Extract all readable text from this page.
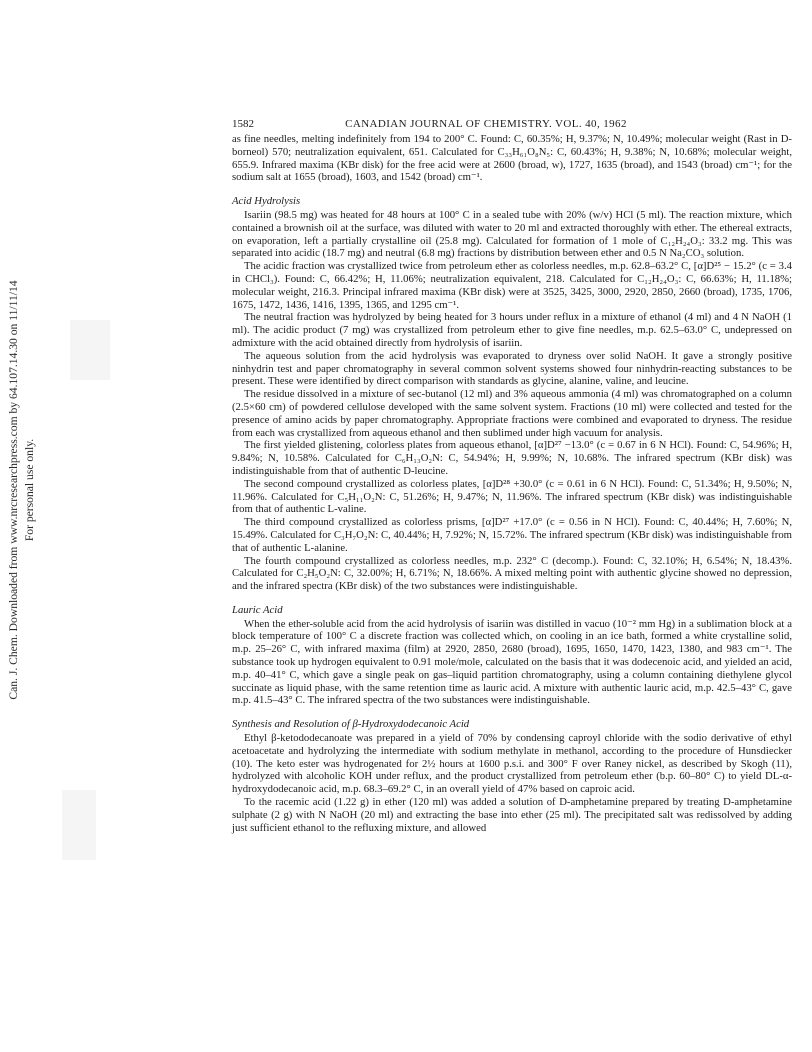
Can. J. Chem. Downloaded from www.nrcresearchpress.com by 64.107.14.30 on 11/11/14 For personal use only.
1582	CANADIAN JOURNAL OF CHEMISTRY. VOL. 40, 1962

as fine needles, melting indefinitely from 194 to 200° C. Found: C, 60.35%; H, 9.37%; N, 10.49%; molecular weight (Rast in D-borneol) 570; neutralization equivalent, 651. Calculated for C₃₃H₆₁O₈N₅: C, 60.43%; H, 9.38%; N, 10.68%; molecular weight, 655.9. Infrared maxima (KBr disk) for the free acid were at 2600 (broad, w), 1727, 1635 (broad), and 1543 (broad) cm⁻¹; for the sodium salt at 1655 (broad), 1603, and 1542 (broad) cm⁻¹.

Acid Hydrolysis

Isariin (98.5 mg) was heated for 48 hours at 100° C in a sealed tube with 20% (w/v) HCl (5 ml). The reaction mixture, which contained a brownish oil at the surface, was diluted with water to 20 ml and extracted thoroughly with ether. The ethereal extracts, on evaporation, left a partially crystalline oil (25.8 mg). Calculated for formation of 1 mole of C₁₂H₂₄O₃: 33.2 mg. This was separated into acidic (18.7 mg) and neutral (6.8 mg) fractions by distribution between ether and 0.5 N Na₂CO₃ solution.

The acidic fraction was crystallized twice from petroleum ether as colorless needles, m.p. 62.8–63.2° C, [α]D²⁵ − 15.2° (c = 3.4 in CHCl₃). Found: C, 66.42%; H, 11.06%; neutralization equivalent, 218. Calculated for C₁₂H₂₄O₃: C, 66.63%; H, 11.18%; molecular weight, 216.3. Principal infrared maxima (KBr disk) were at 3525, 3425, 3000, 2920, 2850, 2660 (broad), 1735, 1706, 1675, 1472, 1436, 1416, 1395, 1365, and 1295 cm⁻¹.

The neutral fraction was hydrolyzed by being heated for 3 hours under reflux in a mixture of ethanol (4 ml) and 4 N NaOH (1 ml). The acidic product (7 mg) was crystallized from petroleum ether to give fine needles, m.p. 62.5–63.0° C, undepressed on admixture with the acid obtained directly from hydrolysis of isariin.

The aqueous solution from the acid hydrolysis was evaporated to dryness over solid NaOH. It gave a strongly positive ninhydrin test and paper chromatography in several common solvent systems showed four ninhydrin-reacting substances to be present. These were identified by direct comparison with standards as glycine, alanine, valine, and leucine.

The residue dissolved in a mixture of sec-butanol (12 ml) and 3% aqueous ammonia (4 ml) was chromatographed on a column (2.5×60 cm) of powdered cellulose developed with the same solvent system. Fractions (10 ml) were collected and tested for the presence of amino acids by paper chromatography. Appropriate fractions were combined and evaporated to dryness. The residue from each was crystallized from aqueous ethanol and then sublimed under high vacuum for analysis.

The first yielded glistening, colorless plates from aqueous ethanol, [α]D²⁷ −13.0° (c = 0.67 in 6 N HCl). Found: C, 54.96%; H, 9.84%; N, 10.58%. Calculated for C₆H₁₃O₂N: C, 54.94%; H, 9.99%; N, 10.68%. The infrared spectrum (KBr disk) was indistinguishable from that of authentic D-leucine.

The second compound crystallized as colorless plates, [α]D²⁸ +30.0° (c = 0.61 in 6 N HCl). Found: C, 51.34%; H, 9.50%; N, 11.96%. Calculated for C₅H₁₁O₂N: C, 51.26%; H, 9.47%; N, 11.96%. The infrared spectrum (KBr disk) was indistinguishable from that of authentic L-valine.

The third compound crystallized as colorless prisms, [α]D²⁷ +17.0° (c = 0.56 in N HCl). Found: C, 40.44%; H, 7.60%; N, 15.49%. Calculated for C₃H₇O₂N: C, 40.44%; H, 7.92%; N, 15.72%. The infrared spectrum (KBr disk) was indistinguishable from that of authentic L-alanine.

The fourth compound crystallized as colorless needles, m.p. 232° C (decomp.). Found: C, 32.10%; H, 6.54%; N, 18.43%. Calculated for C₂H₅O₂N: C, 32.00%; H, 6.71%; N, 18.66%. A mixed melting point with authentic glycine showed no depression, and the infrared spectra (KBr disk) of the two substances were indistinguishable.

Lauric Acid

When the ether-soluble acid from the acid hydrolysis of isariin was distilled in vacuo (10⁻² mm Hg) in a sublimation block at a block temperature of 100° C a discrete fraction was collected which, on cooling in an ice bath, formed a white crystalline solid, m.p. 25–26° C, with infrared maxima (film) at 2920, 2850, 2680 (broad), 1695, 1650, 1470, 1423, 1380, and 983 cm⁻¹. The substance took up hydrogen equivalent to 0.91 mole/mole, calculated on the basis that it was dodecenoic acid, and yielded an acid, m.p. 40–41° C, which gave a single peak on gas–liquid partition chromatography, using a column containing diethylene glycol succinate as liquid phase, with the same retention time as lauric acid. A mixture with authentic lauric acid, m.p. 42.5–43° C, gave m.p. 41.5–43° C. The infrared spectra of the two substances were indistinguishable.

Synthesis and Resolution of β-Hydroxydodecanoic Acid

Ethyl β-ketododecanoate was prepared in a yield of 70% by condensing caproyl chloride with the sodio derivative of ethyl acetoacetate and hydrolyzing the intermediate with sodium methylate in methanol, according to the procedure of Hunsdiecker (10). The keto ester was hydrogenated for 2½ hours at 1600 p.s.i. and 300° F over Raney nickel, as described by Skogh (11), hydrolyzed with alcoholic KOH under reflux, and the product crystallized from petroleum ether (b.p. 60–80° C) to yield DL-α-hydroxydodecanoic acid, m.p. 68.3–69.2° C, in an overall yield of 47% based on caproic acid.

To the racemic acid (1.22 g) in ether (120 ml) was added a solution of D-amphetamine prepared by treating D-amphetamine sulphate (2 g) with N NaOH (20 ml) and extracting the base into ether (25 ml). The precipitated salt was redissolved by adding just sufficient ethanol to the refluxing mixture, and allowed
